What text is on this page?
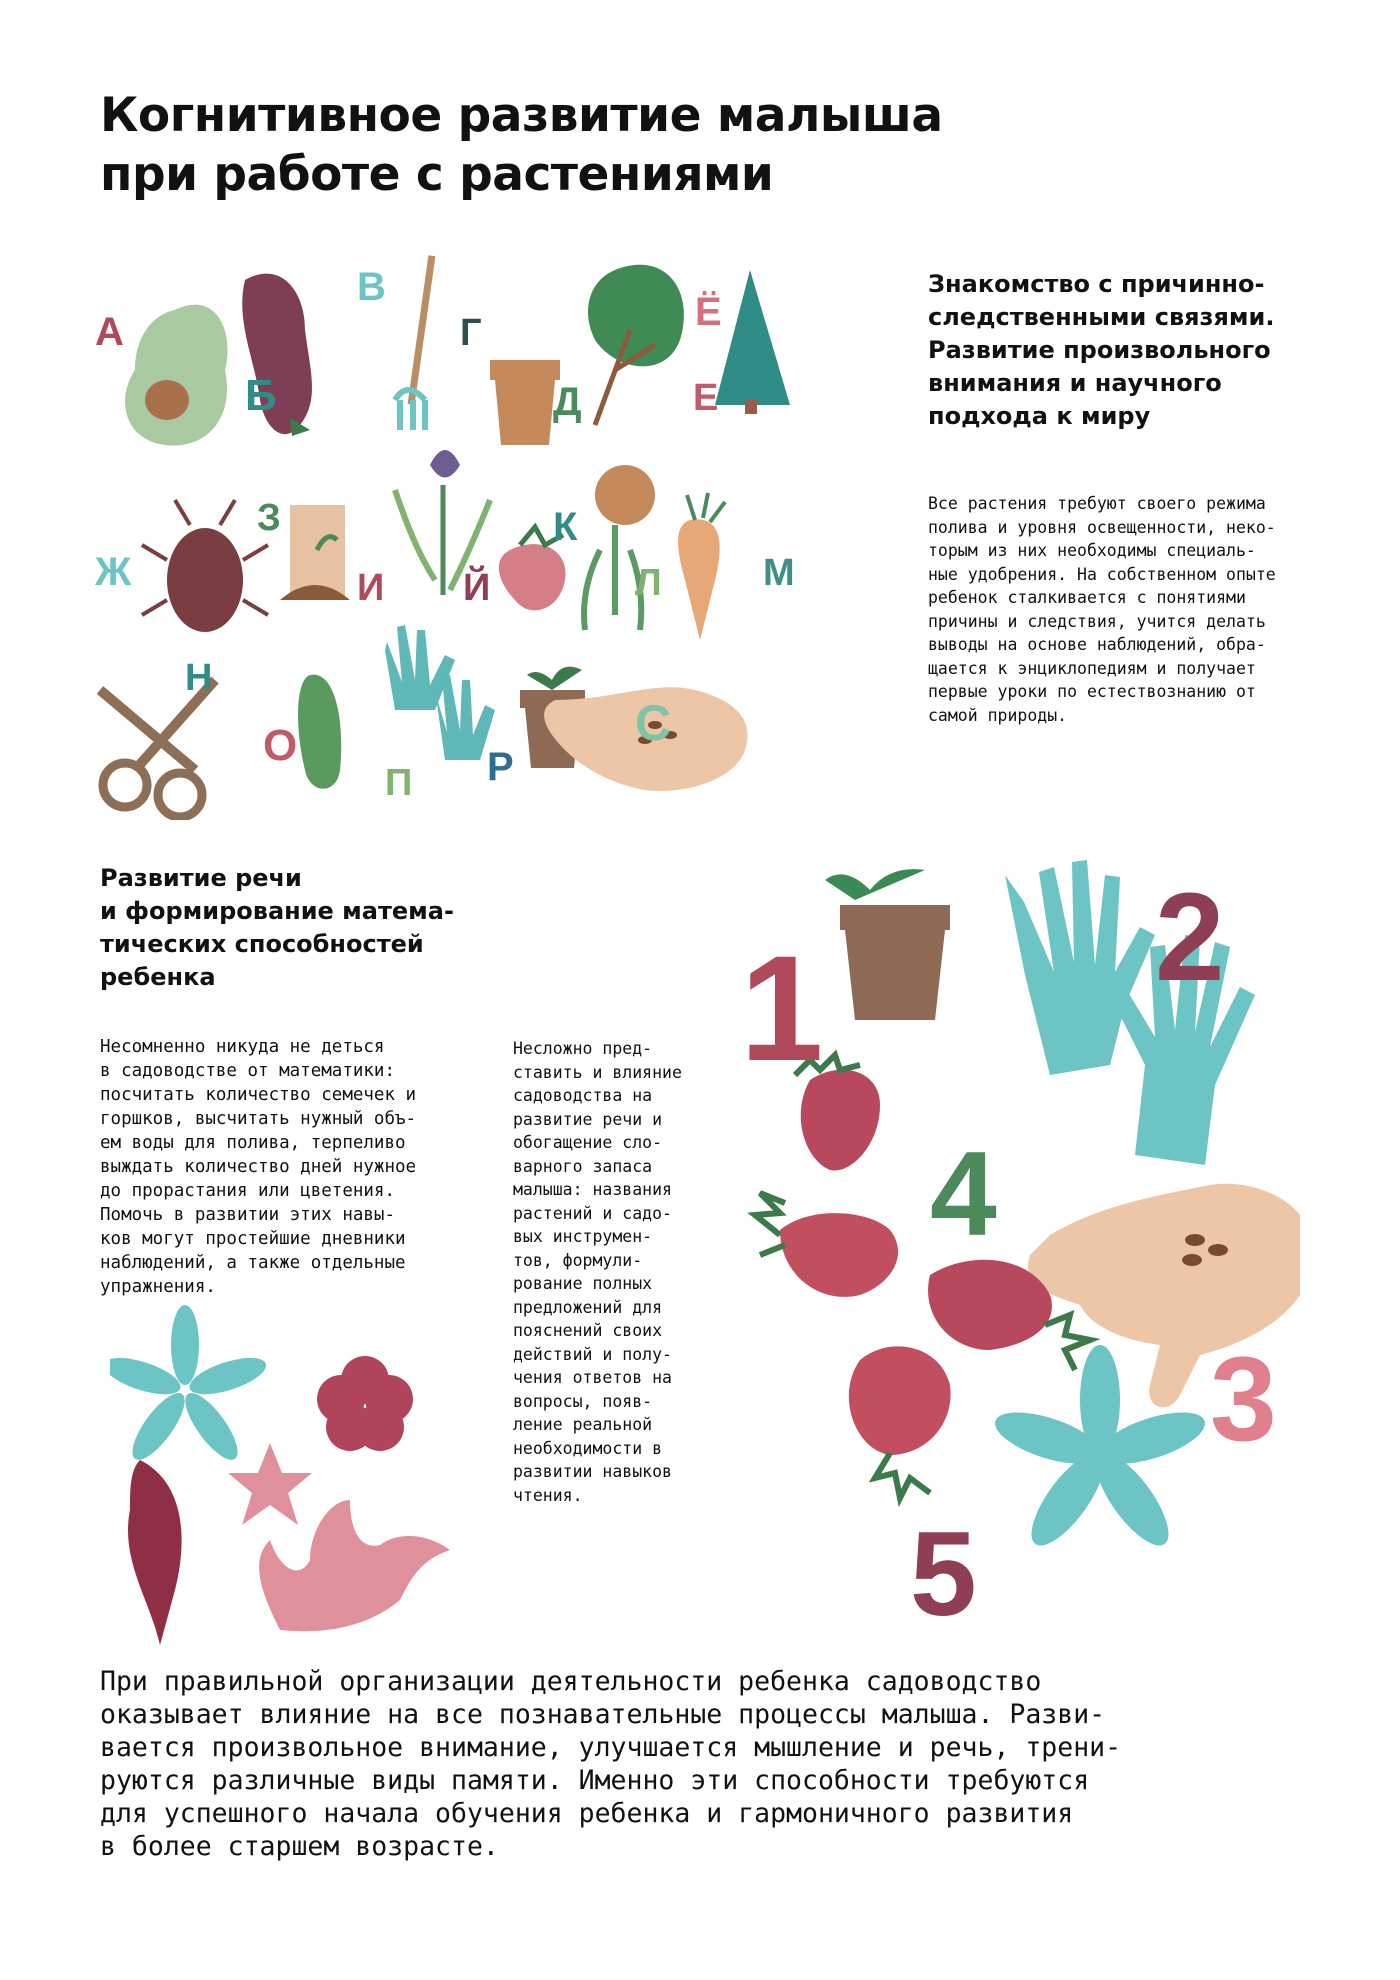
Когнитивное развитие малыша
при работе с растениями
А
Б
В
Г
Д	Е
Ё
Ж
З
И Й
К
Л	М
Н
О
П Р
С
Знакомство с причинно-
следственными связями.
Развитие произвольного
внимания и научного
подхода к миру
Все растения требуют своего режима
полива и уровня освещенности, неко-
торым из них необходимы специаль-
ные удобрения. На собственном опыте
ребенок сталкивается с понятиями
причины и следствия, учится делать
выводы на основе наблюдений, обра-
щается к энциклопедиям и получает
первые уроки по естествознанию от
самой природы.
Развитие речи
и формирование матема-
тических способностей
ребенка
Несомненно никуда не деться
в садоводстве от математики:
посчитать количество семечек и
горшков, высчитать нужный объ-
ем воды для полива, терпеливо
выждать количество дней нужное
до прорастания или цветения.
Помочь в развитии этих навы-
ков могут простейшие дневники
наблюдений, а также отдельные
упражнения.
Несложно пред-
ставить и влияние
садоводства на
развитие речи и
обогащение сло-
варного запаса
малыша: названия
растений и садо-
вых инструмен-
тов, формули-
рование полных
предложений для
пояснений своих
действий и полу-
чения ответов на
вопросы, появ-
ление реальной
необходимости в
развитии навыков
чтения.
1	2
3
4
5
При правильной организации деятельности ребенка садоводство
оказывает влияние на все познавательные процессы малыша. Разви-
вается произвольное внимание, улучшается мышление и речь, трени-
руются различные виды памяти. Именно эти способности требуются
для успешного начала обучения ребенка и гармоничного развития
в более старшем возрасте.
